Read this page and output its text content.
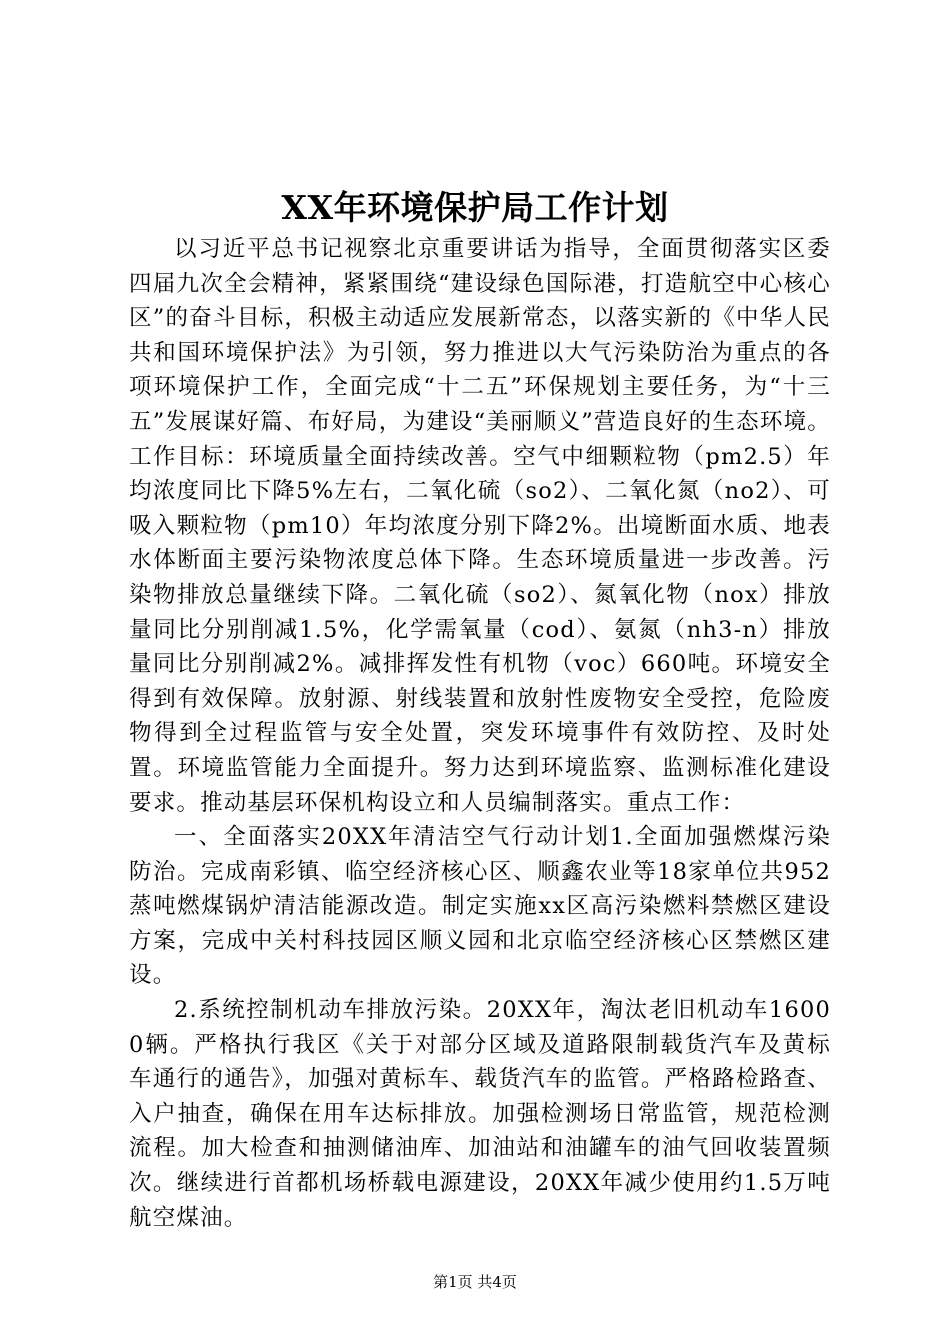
XX年环境保护局工作计划

以习近平总书记视察北京重要讲话为指导，全面贯彻落实区委四届九次全会精神，紧紧围绕“建设绿色国际港，打造航空中心核心区”的奋斗目标，积极主动适应发展新常态，以落实新的《中华人民共和国环境保护法》为引领，努力推进以大气污染防治为重点的各项环境保护工作，全面完成“十二五”环保规划主要任务，为“十三五”发展谋好篇、布好局，为建设“美丽顺义”营造良好的生态环境。工作目标：环境质量全面持续改善。空气中细颗粒物（pm2.5）年均浓度同比下降5%左右，二氧化硫（so2）、二氧化氮（no2）、可吸入颗粒物（pm10）年均浓度分别下降2%。出境断面水质、地表水体断面主要污染物浓度总体下降。生态环境质量进一步改善。污染物排放总量继续下降。二氧化硫（so2）、氮氧化物（nox）排放量同比分别削减1.5%，化学需氧量（cod）、氨氮（nh3-n）排放量同比分别削减2%。减排挥发性有机物（voc）660吨。环境安全得到有效保障。放射源、射线装置和放射性废物安全受控，危险废物得到全过程监管与安全处置，突发环境事件有效防控、及时处置。环境监管能力全面提升。努力达到环境监察、监测标准化建设要求。推动基层环保机构设立和人员编制落实。重点工作：

一、全面落实20XX年清洁空气行动计划1.全面加强燃煤污染防治。完成南彩镇、临空经济核心区、顺鑫农业等18家单位共952蒸吨燃煤锅炉清洁能源改造。制定实施xx区高污染燃料禁燃区建设方案，完成中关村科技园区顺义园和北京临空经济核心区禁燃区建设。

2.系统控制机动车排放污染。20XX年，淘汰老旧机动车16000辆。严格执行我区《关于对部分区域及道路限制载货汽车及黄标车通行的通告》，加强对黄标车、载货汽车的监管。严格路检路查、入户抽查，确保在用车达标排放。加强检测场日常监管，规范检测流程。加大检查和抽测储油库、加油站和油罐车的油气回收装置频次。继续进行首都机场桥载电源建设，20XX年减少使用约1.5万吨航空煤油。

第1页 共4页
